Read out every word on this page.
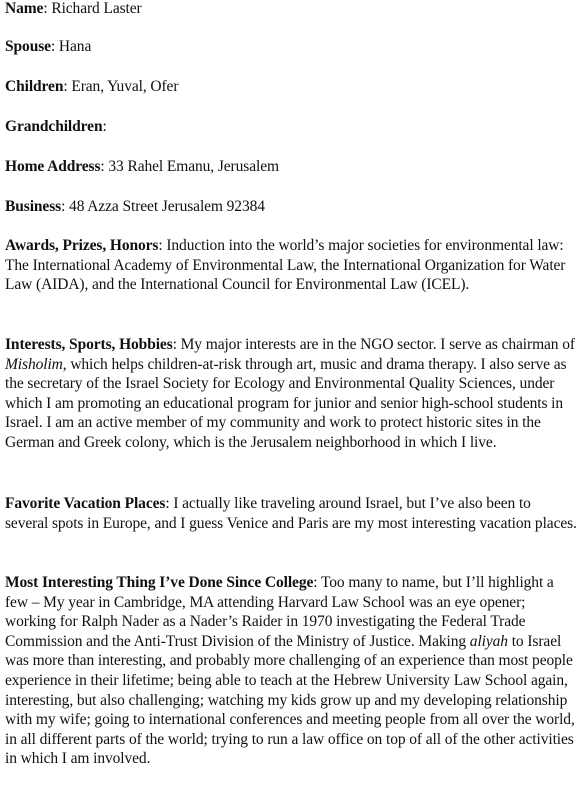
Name: Richard Laster

Spouse: Hana

Children: Eran, Yuval, Ofer

Grandchildren:

Home Address: 33 Rahel Emanu, Jerusalem

Business: 48 Azza Street Jerusalem 92384

Awards, Prizes, Honors: Induction into the world’s major societies for environmental law: The International Academy of Environmental Law, the International Organization for Water Law (AIDA), and the International Council for Environmental Law (ICEL).

Interests, Sports, Hobbies: My major interests are in the NGO sector. I serve as chairman of Misholim, which helps children-at-risk through art, music and drama therapy. I also serve as the secretary of the Israel Society for Ecology and Environmental Quality Sciences, under which I am promoting an educational program for junior and senior high-school students in Israel. I am an active member of my community and work to protect historic sites in the German and Greek colony, which is the Jerusalem neighborhood in which I live.

Favorite Vacation Places: I actually like traveling around Israel, but I’ve also been to several spots in Europe, and I guess Venice and Paris are my most interesting vacation places.

Most Interesting Thing I’ve Done Since College: Too many to name, but I’ll highlight a few – My year in Cambridge, MA attending Harvard Law School was an eye opener; working for Ralph Nader as a Nader’s Raider in 1970 investigating the Federal Trade Commission and the Anti-Trust Division of the Ministry of Justice. Making aliyah to Israel was more than interesting, and probably more challenging of an experience than most people experience in their lifetime; being able to teach at the Hebrew University Law School again, interesting, but also challenging; watching my kids grow up and my developing relationship with my wife; going to international conferences and meeting people from all over the world, in all different parts of the world; trying to run a law office on top of all of the other activities in which I am involved.
